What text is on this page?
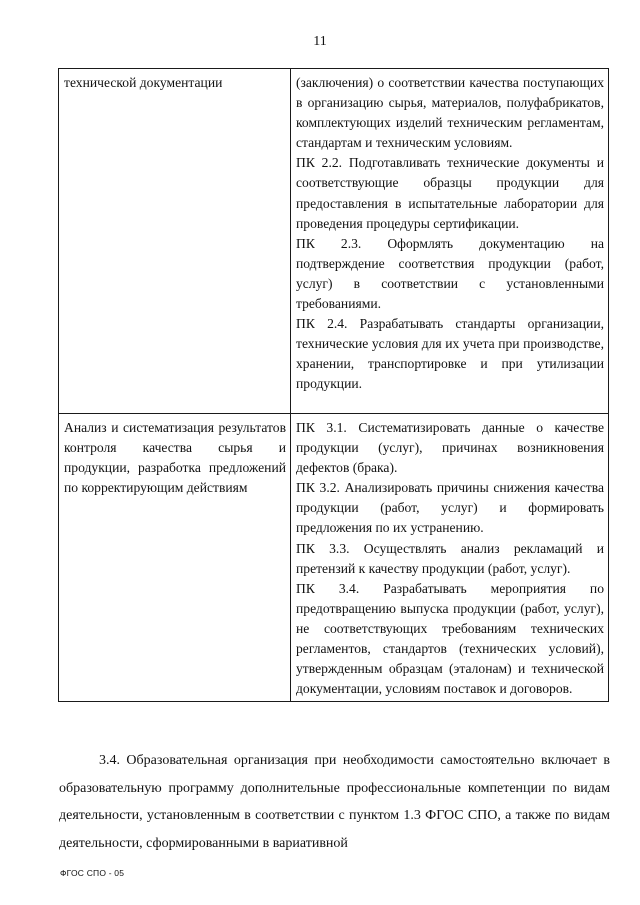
11

технической документации	(заключения) о соответствии качества поступающих в организацию сырья, материалов, полуфабрикатов, комплектующих изделий техническим регламентам, стандартам и техническим условиям.

ПК 2.2. Подготавливать технические документы и соответствующие образцы продукции для предоставления в испытательные лаборатории для проведения процедуры сертификации.

ПК 2.3. Оформлять документацию на подтверждение соответствия продукции (работ, услуг) в соответствии с установленными требованиями.

ПК 2.4. Разрабатывать стандарты организации, технические условия для их учета при производстве, хранении, транспортировке и при утилизации продукции.

Анализ и систематизация результатов контроля качества сырья и продукции, разработка предложений по корректирующим действиям	ПК 3.1. Систематизировать данные о качестве продукции (услуг), причинах возникновения дефектов (брака).

ПК 3.2. Анализировать причины снижения качества продукции (работ, услуг) и формировать предложения по их устранению.

ПК 3.3. Осуществлять анализ рекламаций и претензий к качеству продукции (работ, услуг).

ПК 3.4. Разрабатывать мероприятия по предотвращению выпуска продукции (работ, услуг), не соответствующих требованиям технических регламентов, стандартов (технических условий), утвержденным образцам (эталонам) и технической документации, условиям поставок и договоров.

3.4. Образовательная организация при необходимости самостоятельно включает в образовательную программу дополнительные профессиональные компетенции по видам деятельности, установленным в соответствии с пунктом 1.3 ФГОС СПО, а также по видам деятельности, сформированными в вариативной

ФГОС СПО - 05
